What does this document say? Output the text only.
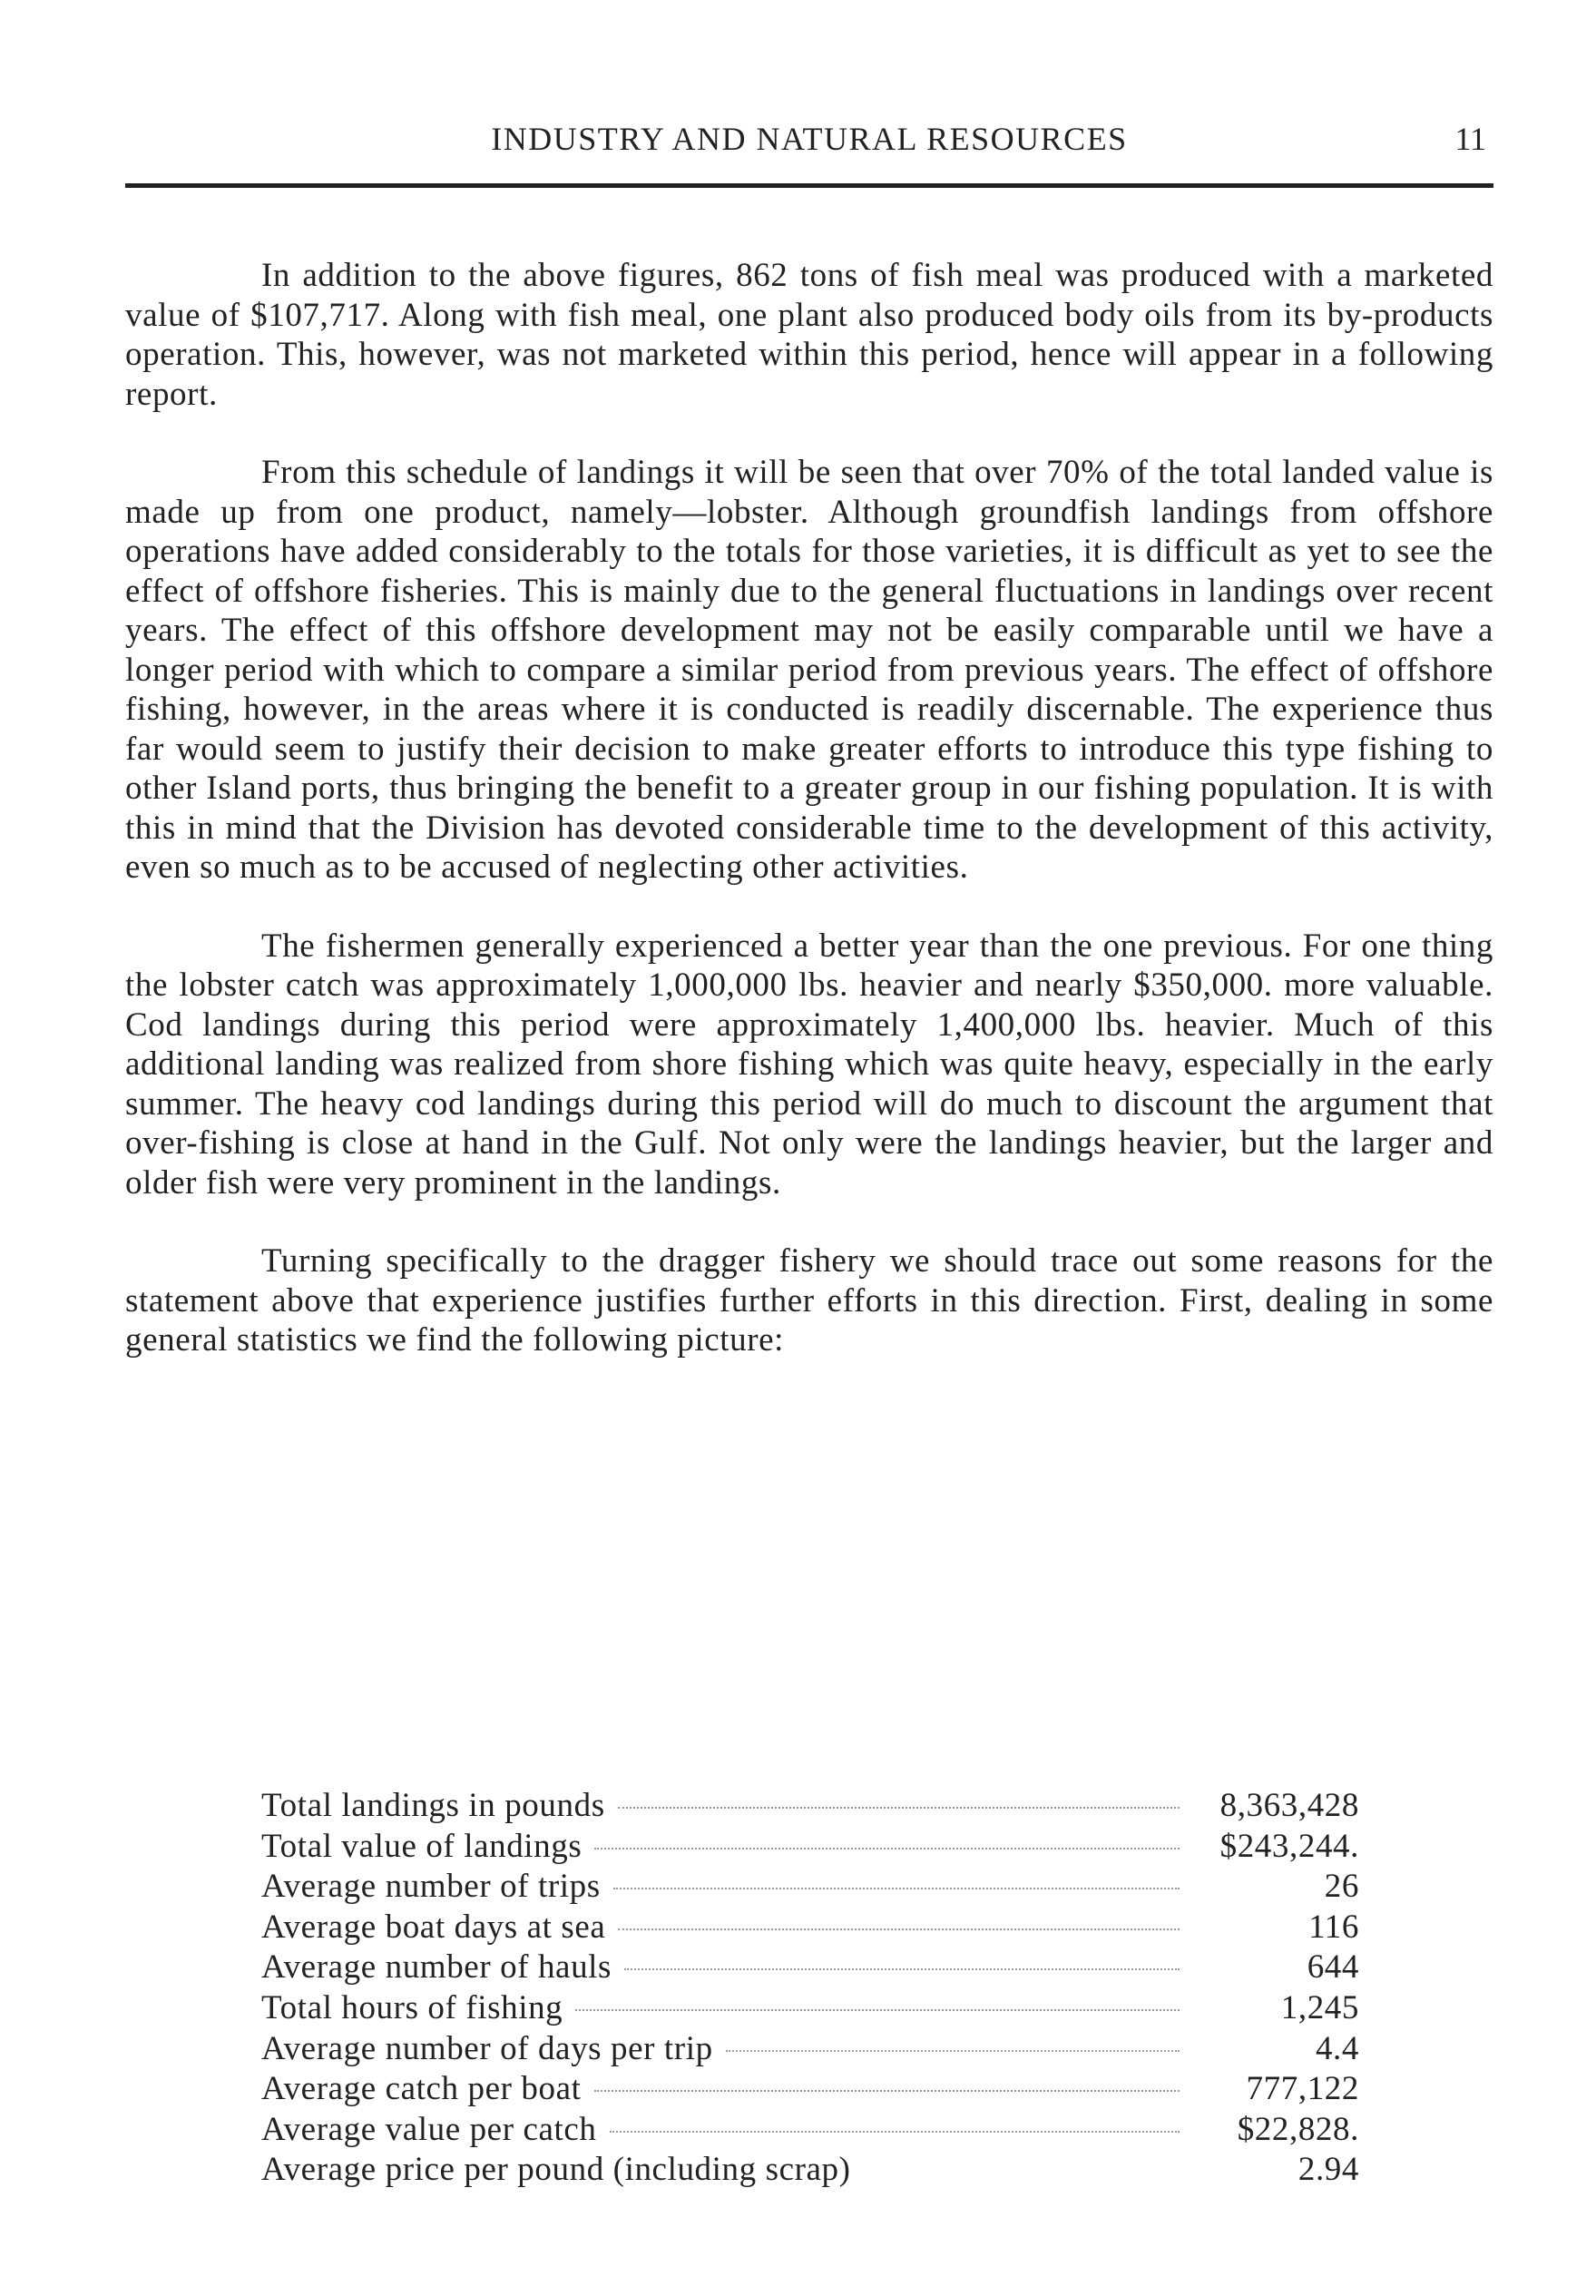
INDUSTRY AND NATURAL RESOURCES	11

In addition to the above figures, 862 tons of fish meal was produced with a marketed value of $107,717. Along with fish meal, one plant also produced body oils from its by-products operation. This, however, was not marketed within this period, hence will appear in a following report.

From this schedule of landings it will be seen that over 70% of the total landed value is made up from one product, namely—lobster. Although groundfish landings from offshore operations have added considerably to the totals for those varieties, it is difficult as yet to see the effect of offshore fisheries. This is mainly due to the general fluctuations in landings over recent years. The effect of this offshore development may not be easily comparable until we have a longer period with which to compare a similar period from previous years. The effect of offshore fishing, however, in the areas where it is conducted is readily discernable. The experience thus far would seem to justify their decision to make greater efforts to introduce this type fishing to other Island ports, thus bringing the benefit to a greater group in our fishing population. It is with this in mind that the Division has devoted considerable time to the development of this activity, even so much as to be accused of neglecting other activities.

The fishermen generally experienced a better year than the one previous. For one thing the lobster catch was approximately 1,000,000 lbs. heavier and nearly $350,000. more valuable. Cod landings during this period were approximately 1,400,000 lbs. heavier. Much of this additional landing was realized from shore fishing which was quite heavy, especially in the early summer. The heavy cod landings during this period will do much to discount the argument that over-fishing is close at hand in the Gulf. Not only were the landings heavier, but the larger and older fish were very prominent in the landings.

Turning specifically to the dragger fishery we should trace out some reasons for the statement above that experience justifies further efforts in this direction. First, dealing in some general statistics we find the following picture:

Total landings in pounds	8,363,428
Total value of landings	$243,244.
Average number of trips	26
Average boat days at sea	116
Average number of hauls	644
Total hours of fishing	1,245
Average number of days per trip	4.4
Average catch per boat	777,122
Average value per catch	$22,828.
Average price per pound (including scrap)	2.94
